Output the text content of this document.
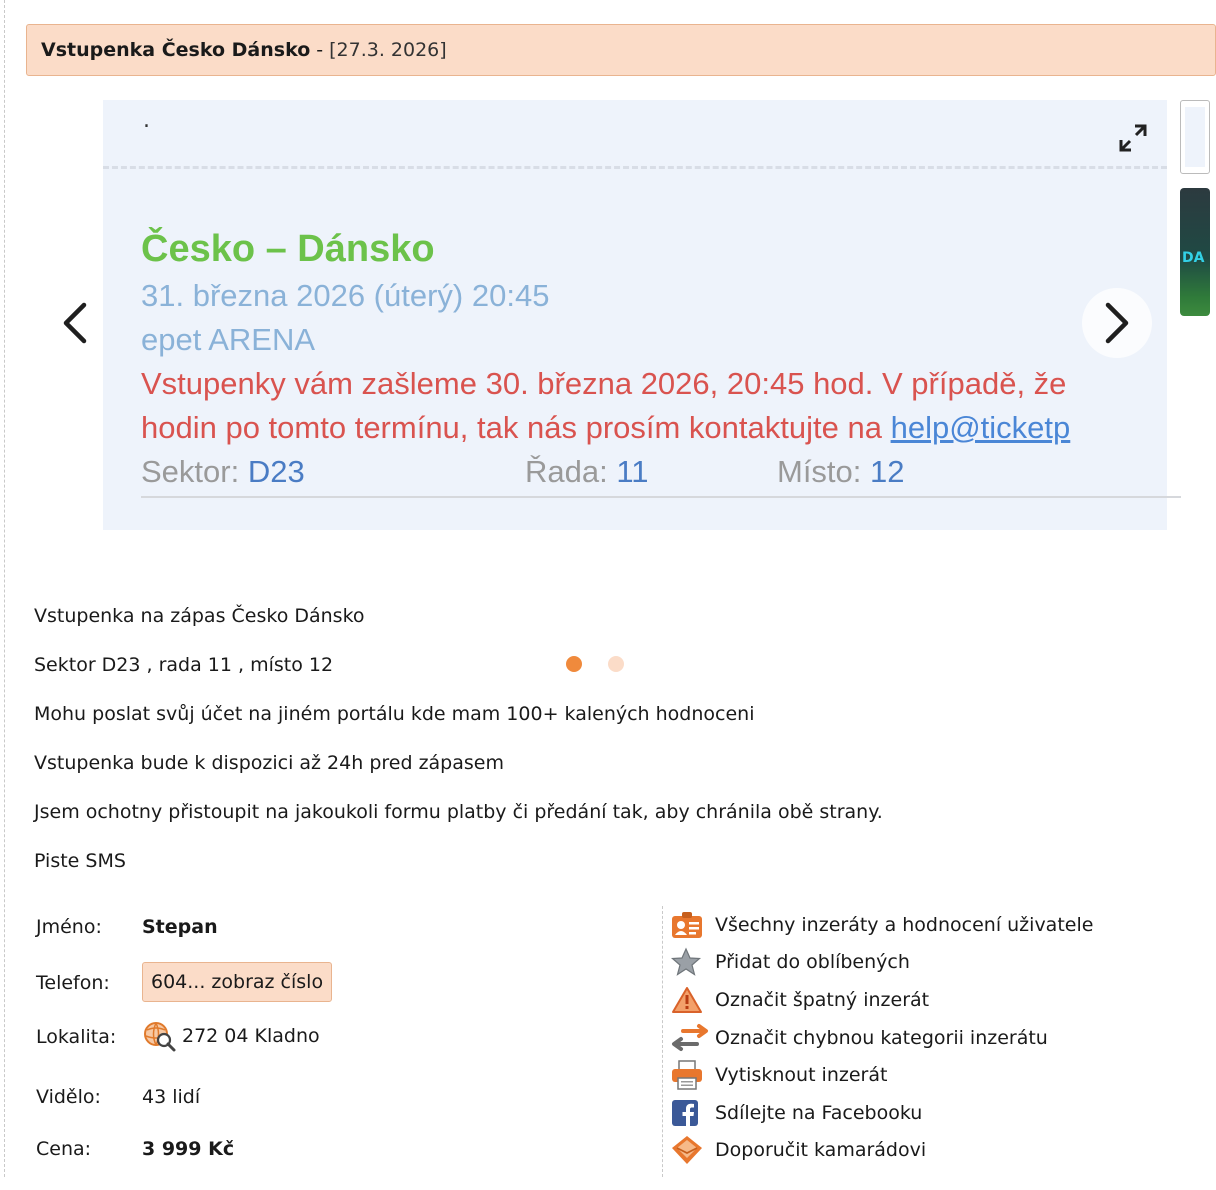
Vstupenka Česko Dánsko - [27.3. 2026]
.
Česko – Dánsko
31. března 2026 (úterý) 20:45
epet ARENA
Vstupenky vám zašleme 30. března 2026, 20:45 hod. V případě, že
hodin po tomto termínu, tak nás prosím kontaktujte na help@ticketp
Sektor: D23	Řada: 11	Místo: 12
DA

Vstupenka na zápas Česko Dánsko

Sektor D23 , rada 11 , místo 12

Mohu poslat svůj účet na jiném portálu kde mam 100+ kalených hodnoceni

Vstupenka bude k dispozici až 24h pred zápasem

Jsem ochotny přistoupit na jakoukoli formu platby či předání tak, aby chránila obě strany.

Piste SMS

Jméno: Stepan
Telefon:	604... zobraz číslo
Lokalita:	272 04 Kladno
Vidělo: 43 lidí
Cena:	3 999 Kč
Všechny inzeráty a hodnocení uživatele
Přidat do oblíbených
Označit špatný inzerát
Označit chybnou kategorii inzerátu
Vytisknout inzerát
Sdílejte na Facebooku
Doporučit kamarádovi
